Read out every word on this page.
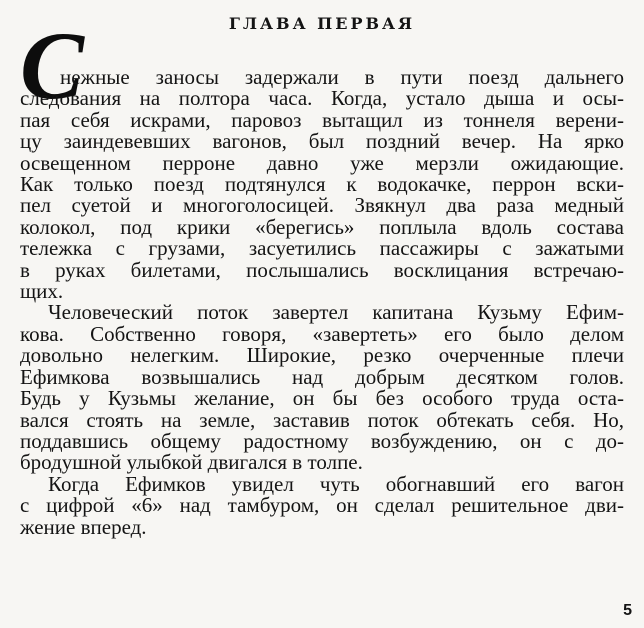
ГЛАВА ПЕРВАЯ
С
нежные заносы задержали в пути поезд дальнего
следования на полтора часа. Когда, устало дыша и осы-
пая себя искрами, паровоз вытащил из тоннеля верени-
цу заиндевевших вагонов, был поздний вечер. На ярко
освещенном перроне давно уже мерзли ожидающие.
Как только поезд подтянулся к водокачке, перрон вски-
пел суетой и многоголосицей. Звякнул два раза медный
колокол, под крики «берегись» поплыла вдоль состава
тележка с грузами, засуетились пассажиры с зажатыми
в руках билетами, послышались восклицания встречаю-
щих.
Человеческий поток завертел капитана Кузьму Ефим-
кова. Собственно говоря, «завертеть» его было делом
довольно нелегким. Широкие, резко очерченные плечи
Ефимкова возвышались над добрым десятком голов.
Будь у Кузьмы желание, он бы без особого труда оста-
вался стоять на земле, заставив поток обтекать себя. Но,
поддавшись общему радостному возбуждению, он с до-
бродушной улыбкой двигался в толпе.
Когда Ефимков увидел чуть обогнавший его вагон
с цифрой «6» над тамбуром, он сделал решительное дви-
жение вперед.
5
